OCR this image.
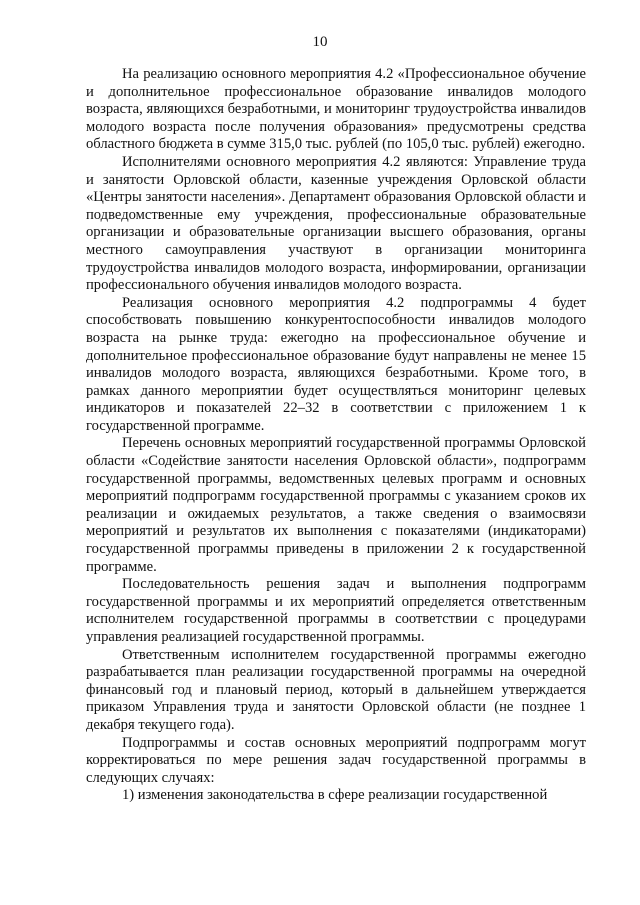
10

На реализацию основного мероприятия 4.2 «Профессиональное обучение и дополнительное профессиональное образование инвалидов молодого возраста, являющихся безработными, и мониторинг трудоустройства инвалидов молодого возраста после получения образования» предусмотрены средства областного бюджета в сумме 315,0 тыс. рублей (по 105,0 тыс. рублей) ежегодно.

Исполнителями основного мероприятия 4.2 являются: Управление труда и занятости Орловской области, казенные учреждения Орловской области «Центры занятости населения». Департамент образования Орловской области и подведомственные ему учреждения, профессиональные образовательные организации и образовательные организации высшего образования, органы местного самоуправления участвуют в организации мониторинга трудоустройства инвалидов молодого возраста, информировании, организации профессионального обучения инвалидов молодого возраста.

Реализация основного мероприятия 4.2 подпрограммы 4 будет способствовать повышению конкурентоспособности инвалидов молодого возраста на рынке труда: ежегодно на профессиональное обучение и дополнительное профессиональное образование будут направлены не менее 15 инвалидов молодого возраста, являющихся безработными. Кроме того, в рамках данного мероприятии будет осуществляться мониторинг целевых индикаторов и показателей 22–32 в соответствии с приложением 1 к государственной программе.

Перечень основных мероприятий государственной программы Орловской области «Содействие занятости населения Орловской области», подпрограмм государственной программы, ведомственных целевых программ и основных мероприятий подпрограмм государственной программы с указанием сроков их реализации и ожидаемых результатов, а также сведения о взаимосвязи мероприятий и результатов их выполнения с показателями (индикаторами) государственной программы приведены в приложении 2 к государственной программе.

Последовательность решения задач и выполнения подпрограмм государственной программы и их мероприятий определяется ответственным исполнителем государственной программы в соответствии с процедурами управления реализацией государственной программы.

Ответственным исполнителем государственной программы ежегодно разрабатывается план реализации государственной программы на очередной финансовый год и плановый период, который в дальнейшем утверждается приказом Управления труда и занятости Орловской области (не позднее 1 декабря текущего года).

Подпрограммы и состав основных мероприятий подпрограмм могут корректироваться по мере решения задач государственной программы в следующих случаях:

1) изменения законодательства в сфере реализации государственной
